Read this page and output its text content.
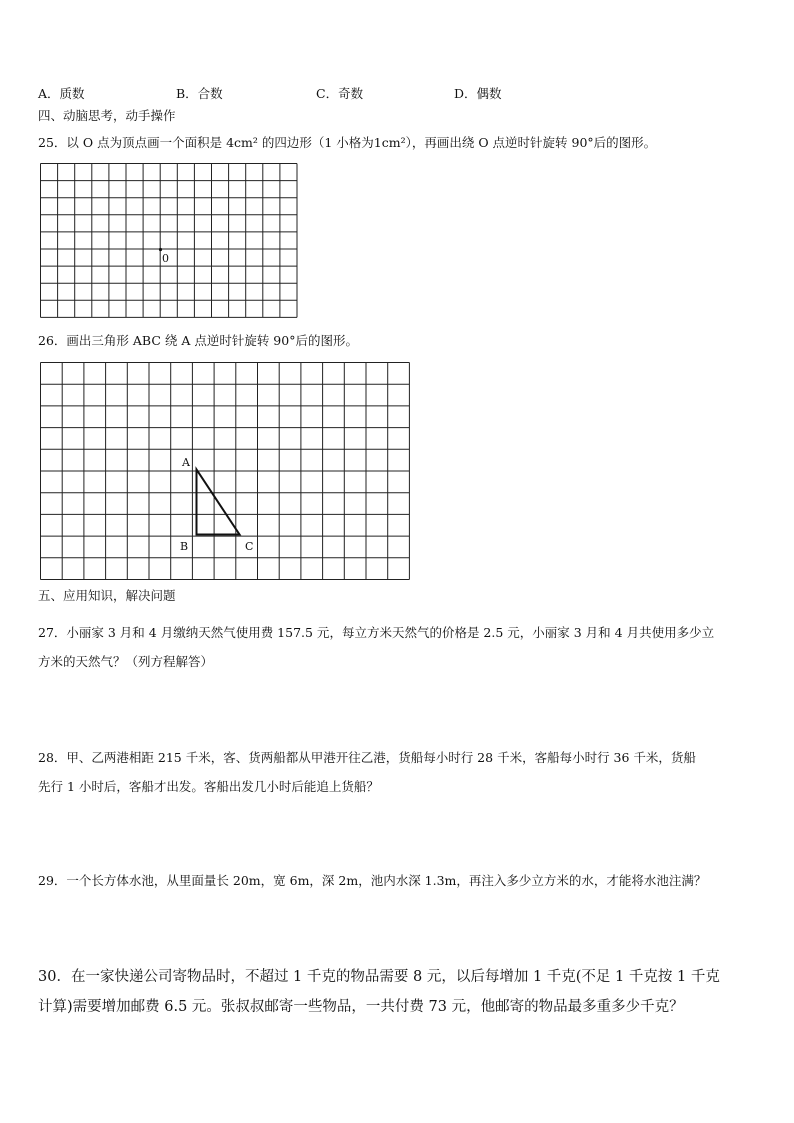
A．质数	B．合数	C．奇数	D．偶数
四、动脑思考，动手操作
25．以 O 点为顶点画一个面积是 4cm² 的四边形（1 小格为1cm²），再画出绕 O 点逆时针旋转 90°后的图形。
0
26．画出三角形 ABC 绕 A 点逆时针旋转 90°后的图形。
A
B	C
五、应用知识，解决问题
27．小丽家 3 月和 4 月缴纳天然气使用费 157.5 元，每立方米天然气的价格是 2.5 元，小丽家 3 月和 4 月共使用多少立
方米的天然气？（列方程解答）
28．甲、乙两港相距 215 千米，客、货两船都从甲港开往乙港，货船每小时行 28 千米，客船每小时行 36 千米，货船
先行 1 小时后，客船才出发。客船出发几小时后能追上货船？
29．一个长方体水池，从里面量长 20m，宽 6m，深 2m，池内水深 1.3m，再注入多少立方米的水，才能将水池注满？
30．在一家快递公司寄物品时，不超过 1 千克的物品需要 8 元，以后每增加 1 千克(不足 1 千克按 1 千克
计算)需要增加邮费 6.5 元。张叔叔邮寄一些物品，一共付费 73 元，他邮寄的物品最多重多少千克？
